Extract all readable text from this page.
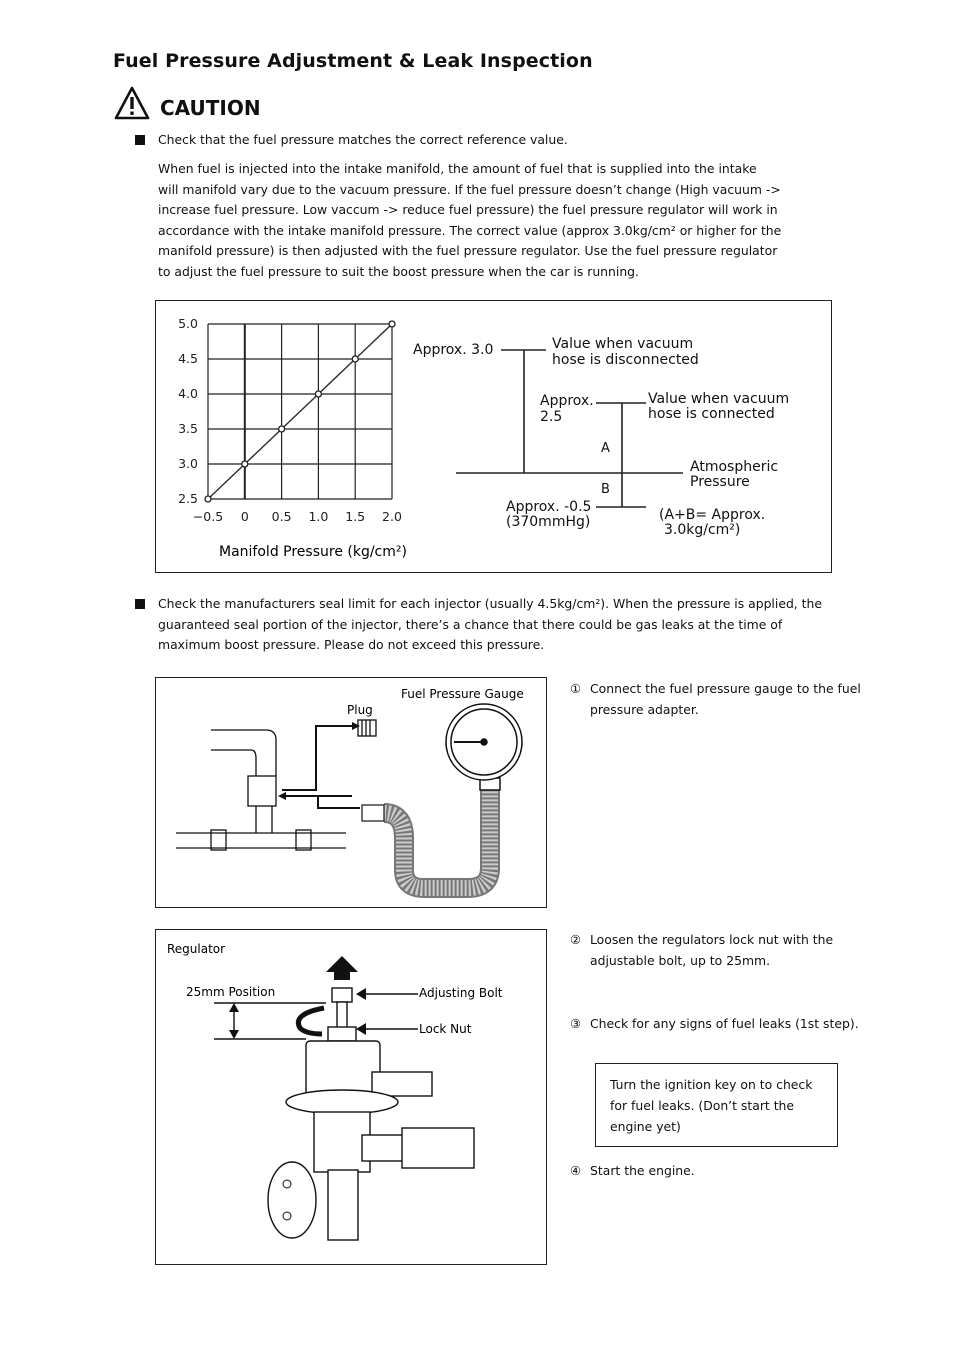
Fuel Pressure Adjustment & Leak Inspection
CAUTION
Check that the fuel pressure matches the correct reference value.
When fuel is injected into the intake manifold, the amount of fuel that is supplied into the intake
will manifold vary due to the vacuum pressure. If the fuel pressure doesn’t change (High vacuum ->
increase fuel pressure. Low vaccum -> reduce fuel pressure) the fuel pressure regulator will work in
accordance with the intake manifold pressure. The correct value (approx 3.0kg/cm² or higher for the
manifold pressure) is then adjusted with the fuel pressure regulator. Use the fuel pressure regulator
to adjust the fuel pressure to suit the boost pressure when the car is running.
−0.5 0 0.5 1.0 1.5 2.0
2.5
3.0
3.5
4.0
4.5
5.0
Manifold Pressure (kg/cm²)
Approx. 3.0	Value when vacuum
hose is disconnected
Approx.
2.5
Value when vacuum
hose is connected
A
B
Atmospheric
Pressure
Approx. -0.5
(370mmHg)	(A+B= Approx.
3.0kg/cm²)
Check the manufacturers seal limit for each injector (usually 4.5kg/cm²). When the pressure is applied, the
guaranteed seal portion of the injector, there’s a chance that there could be gas leaks at the time of
maximum boost pressure. Please do not exceed this pressure.
Fuel Pressure Gauge
Plug
Regulator
25mm Position	Adjusting Bolt
Lock Nut
① Connect the fuel pressure gauge to the fuel
pressure adapter.
② Loosen the regulators lock nut with the
adjustable bolt, up to 25mm.
③ Check for any signs of fuel leaks (1st step).
Turn the ignition key on to check
for fuel leaks. (Don’t start the
engine yet)
④ Start the engine.
